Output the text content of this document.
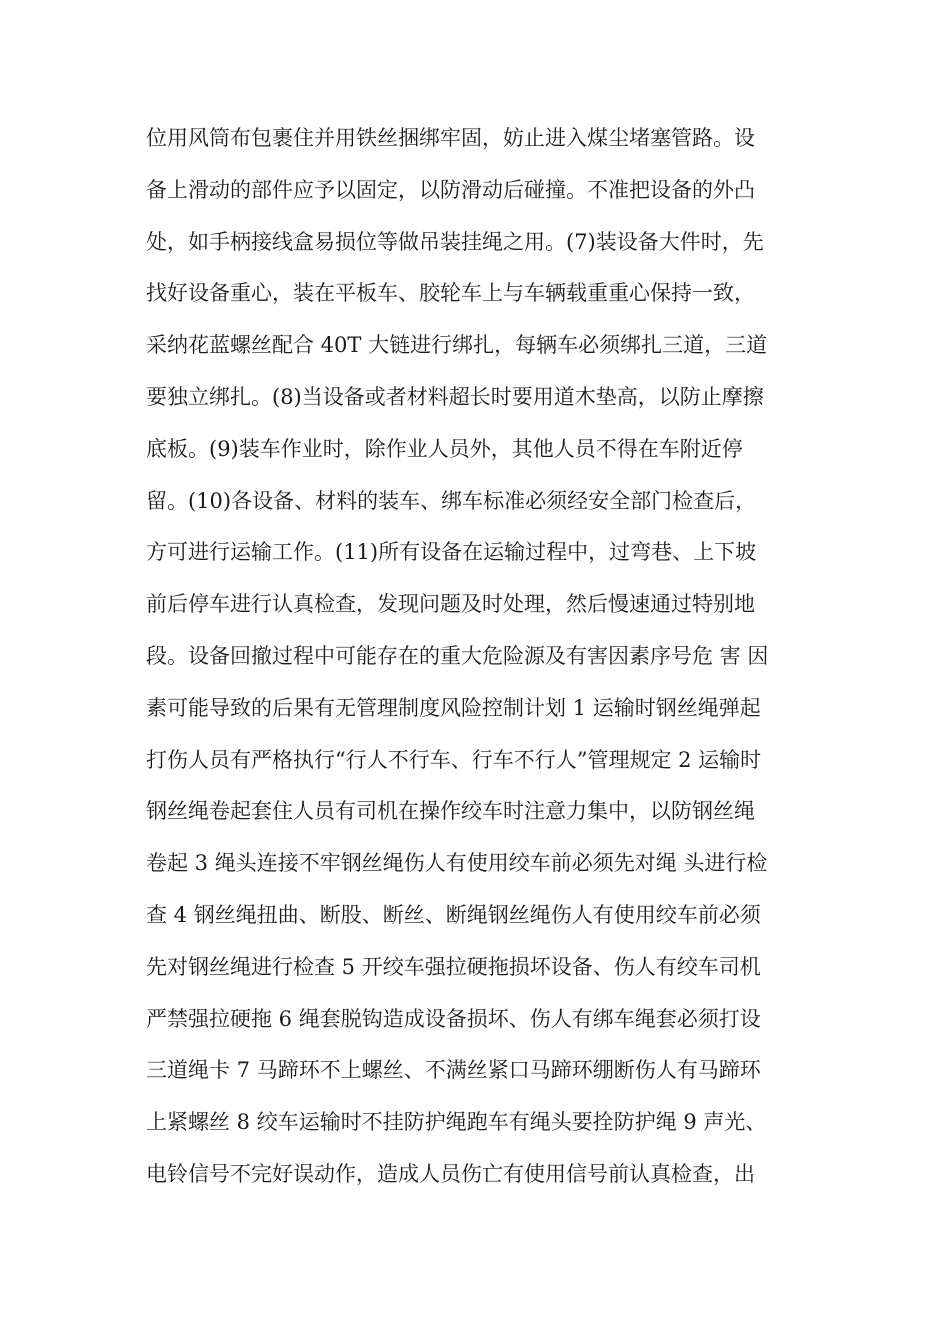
位用风筒布包裹住并用铁丝捆绑牢固，妨止进入煤尘堵塞管路。设
备上滑动的部件应予以固定，以防滑动后碰撞。不准把设备的外凸
处，如手柄接线盒易损位等做吊装挂绳之用。(7)装设备大件时，先
找好设备重心，装在平板车、胶轮车上与车辆载重重心保持一致，
采纳花蓝螺丝配合 40T 大链进行绑扎，每辆车必须绑扎三道，三道
要独立绑扎。(8)当设备或者材料超长时要用道木垫高，以防止摩擦
底板。(9)装车作业时，除作业人员外，其他人员不得在车附近停
留。(10)各设备、材料的装车、绑车标准必须经安全部门检查后，
方可进行运输工作。(11)所有设备在运输过程中，过弯巷、上下坡
前后停车进行认真检查，发现问题及时处理，然后慢速通过特别地
段。设备回撤过程中可能存在的重大危险源及有害因素序号危 害 因
素可能导致的后果有无管理制度风险控制计划 1 运输时钢丝绳弹起
打伤人员有严格执行“行人不行车、行车不行人”管理规定 2 运输时
钢丝绳卷起套住人员有司机在操作绞车时注意力集中，以防钢丝绳
卷起 3 绳头连接不牢钢丝绳伤人有使用绞车前必须先对绳 头进行检
查 4 钢丝绳扭曲、断股、断丝、断绳钢丝绳伤人有使用绞车前必须
先对钢丝绳进行检查 5 开绞车强拉硬拖损坏设备、伤人有绞车司机
严禁强拉硬拖 6 绳套脱钩造成设备损坏、伤人有绑车绳套必须打设
三道绳卡 7 马蹄环不上螺丝、不满丝紧口马蹄环绷断伤人有马蹄环
上紧螺丝 8 绞车运输时不挂防护绳跑车有绳头要拴防护绳 9 声光、
电铃信号不完好误动作，造成人员伤亡有使用信号前认真检查，出
